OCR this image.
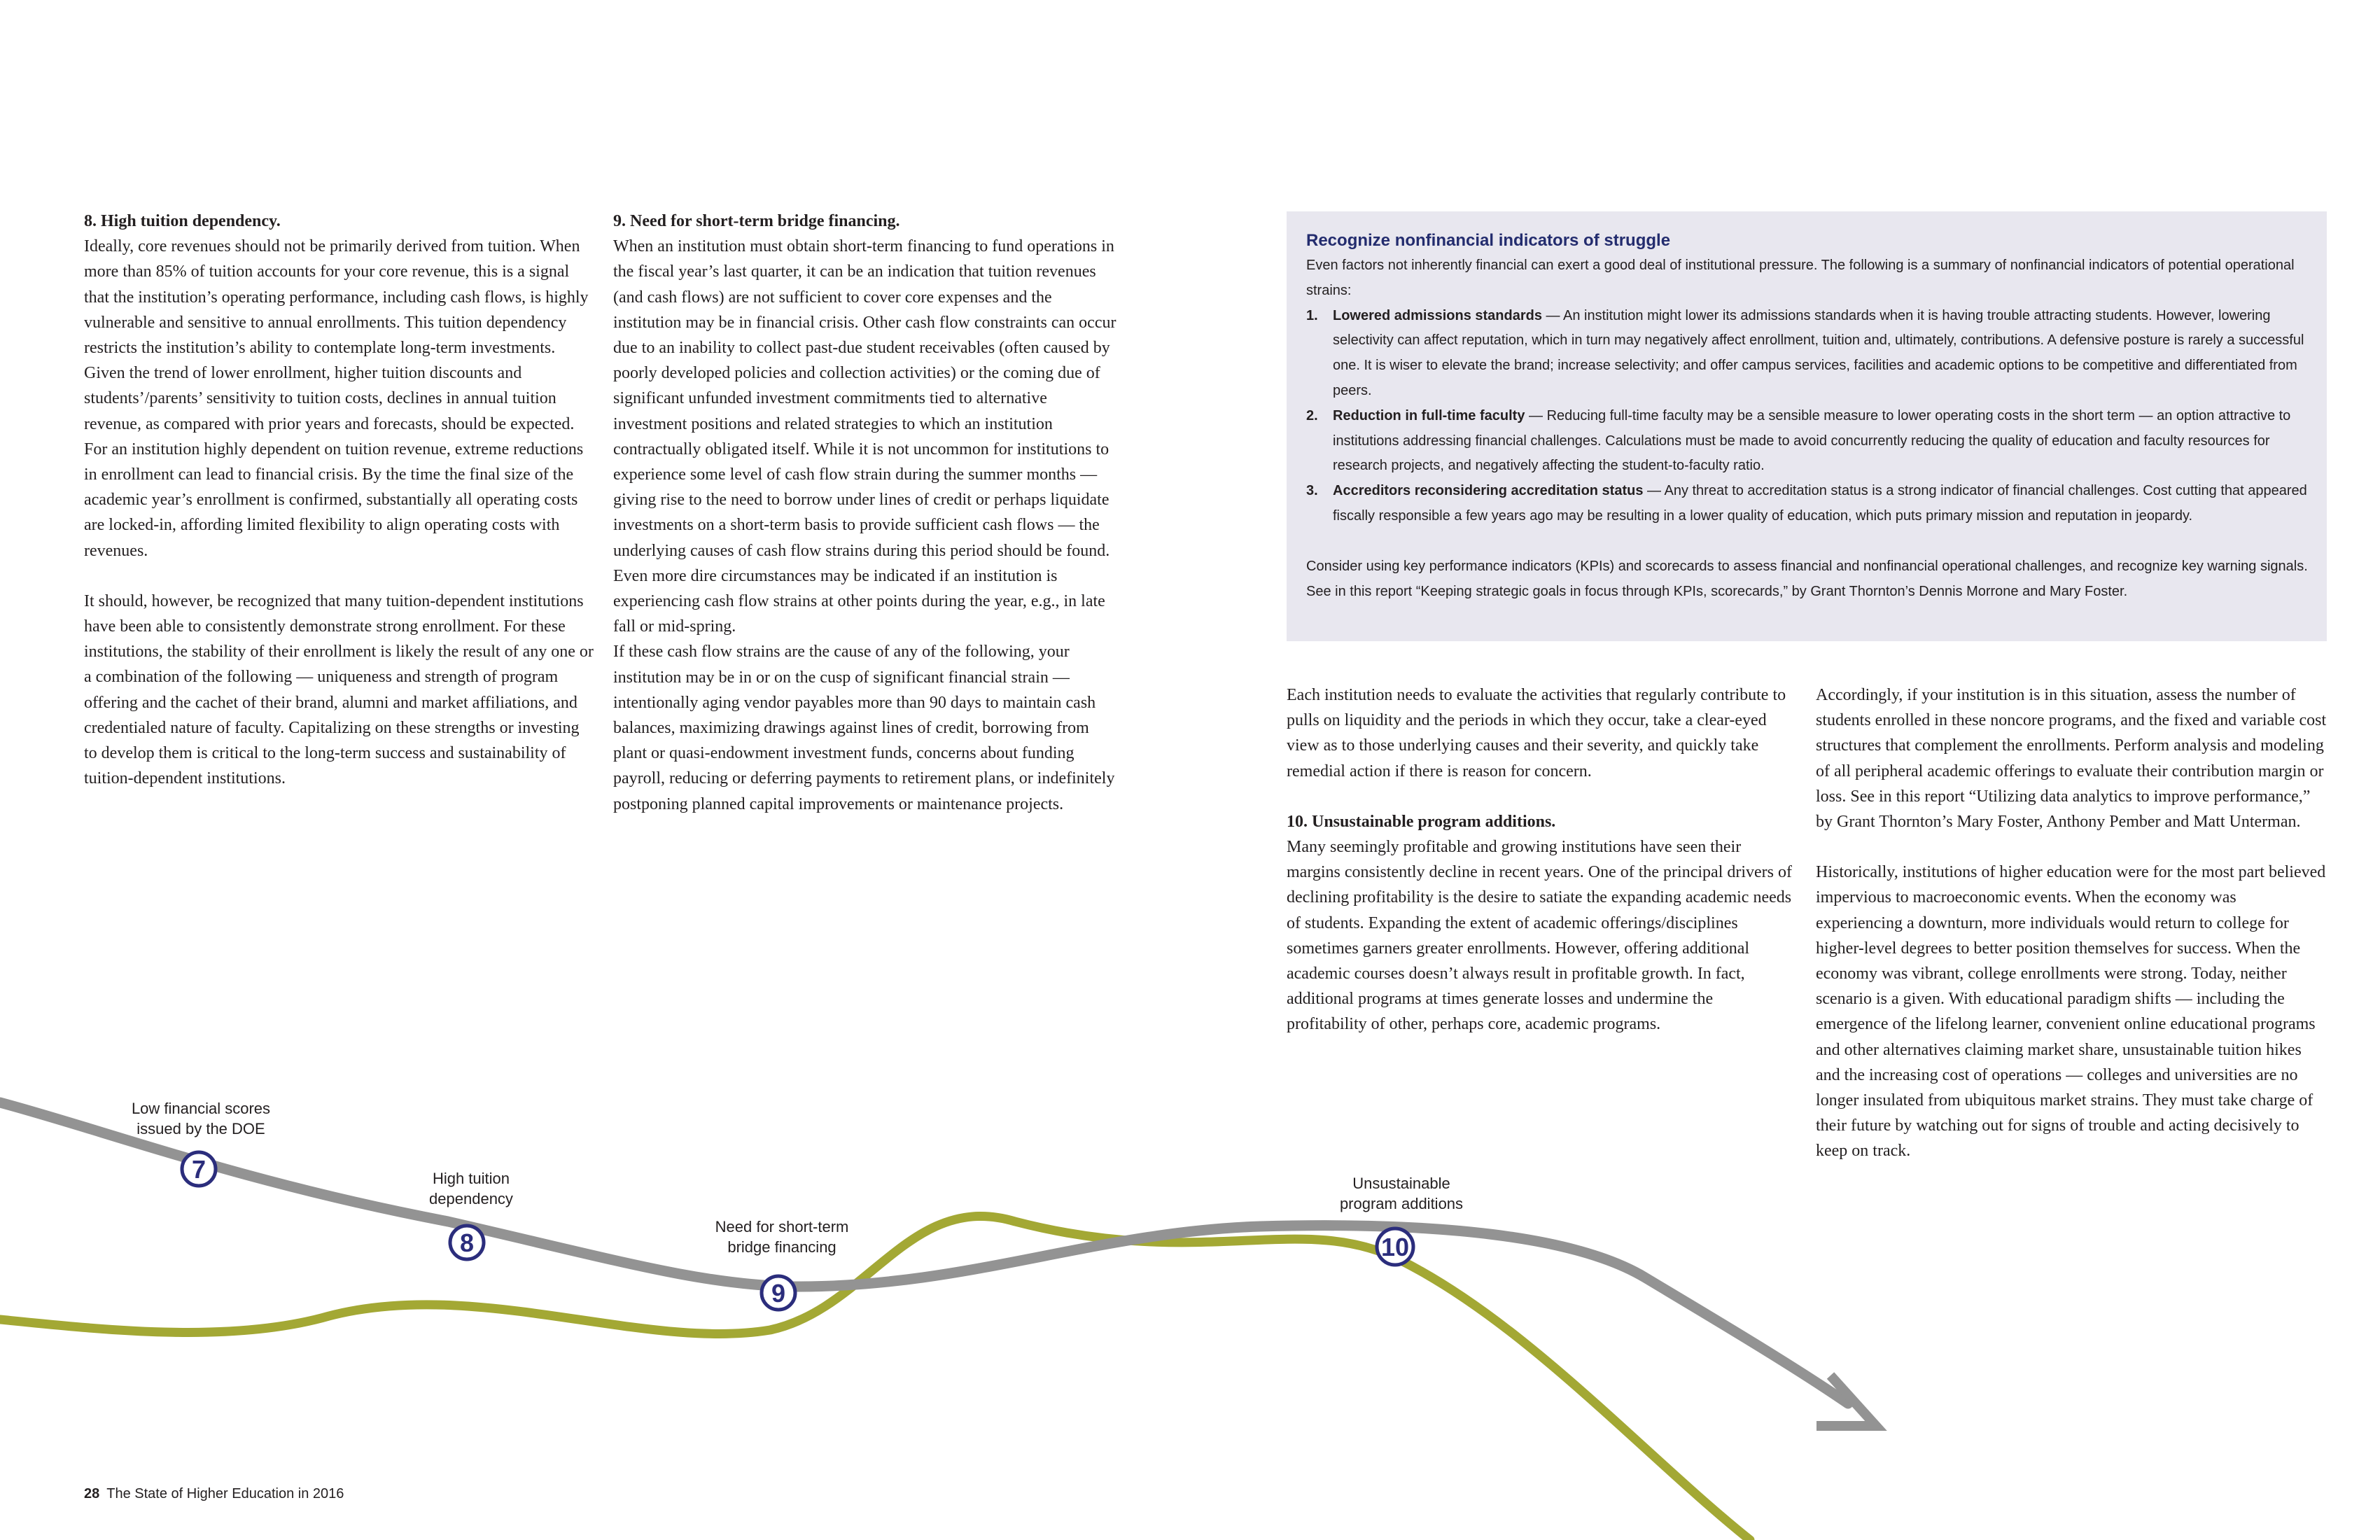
Low financial scores
issued by the DOE
7	High tuition
dependency
8
Need for short-term
bridge financing
9
Unsustainable
program additions
10
8. High tuition dependency.

Ideally, core revenues should not be primarily derived from tuition. When more than 85% of tuition accounts for your core revenue, this is a signal that the institution’s operating performance, including cash flows, is highly vulnerable and sensitive to annual enrollments. This tuition dependency restricts the institution’s ability to contemplate long-term investments. Given the trend of lower enrollment, higher tuition discounts and students’/parents’ sensitivity to tuition costs, declines in annual tuition revenue, as compared with prior years and forecasts, should be expected. For an institution highly dependent on tuition revenue, extreme reductions in enrollment can lead to financial crisis. By the time the final size of the academic year’s enrollment is confirmed, substantially all operating costs are locked-in, affording limited flexibility to align operating costs with revenues.

It should, however, be recognized that many tuition-dependent institutions have been able to consistently demonstrate strong enrollment. For these institutions, the stability of their enrollment is likely the result of any one or a combination of the following — uniqueness and strength of program offering and the cachet of their brand, alumni and market affiliations, and credentialed nature of faculty. Capitalizing on these strengths or investing to develop them is critical to the long-term success and sustainability of tuition-dependent institutions.

9. Need for short-term bridge financing.

When an institution must obtain short-term financing to fund operations in the fiscal year’s last quarter, it can be an indication that tuition revenues (and cash flows) are not sufficient to cover core expenses and the institution may be in financial crisis. Other cash flow constraints can occur due to an inability to collect past-due student receivables (often caused by poorly developed policies and collection activities) or the coming due of significant unfunded investment commitments tied to alternative investment positions and related strategies to which an institution contractually obligated itself. While it is not uncommon for institutions to experience some level of cash flow strain during the summer months — giving rise to the need to borrow under lines of credit or perhaps liquidate investments on a short-term basis to provide sufficient cash flows — the underlying causes of cash flow strains during this period should be found. Even more dire circumstances may be indicated if an institution is experiencing cash flow strains at other points during the year, e.g., in late fall or mid-spring.

If these cash flow strains are the cause of any of the following, your institution may be in or on the cusp of significant financial strain — intentionally aging vendor payables more than 90 days to maintain cash balances, maximizing drawings against lines of credit, borrowing from plant or quasi-endowment investment funds, concerns about funding payroll, reducing or deferring payments to retirement plans, or indefinitely postponing planned capital improvements or maintenance projects.

Recognize nonfinancial indicators of struggle

Even factors not inherently financial can exert a good deal of institutional pressure. The following is a summary of nonfinancial indicators of potential operational strains:

1. Lowered admissions standards — An institution might lower its admissions standards when it is having trouble attracting students. However, lowering selectivity can affect reputation, which in turn may negatively affect enrollment, tuition and, ultimately, contributions. A defensive posture is rarely a successful one. It is wiser to elevate the brand; increase selectivity; and offer campus services, facilities and academic options to be competitive and differentiated from peers.
2. Reduction in full-time faculty — Reducing full-time faculty may be a sensible measure to lower operating costs in the short term — an option attractive to institutions addressing financial challenges. Calculations must be made to avoid concurrently reducing the quality of education and faculty resources for research projects, and negatively affecting the student-to-faculty ratio.
3. Accreditors reconsidering accreditation status — Any threat to accreditation status is a strong indicator of financial challenges. Cost cutting that appeared fiscally responsible a few years ago may be resulting in a lower quality of education, which puts primary mission and reputation in jeopardy.

Consider using key performance indicators (KPIs) and scorecards to assess financial and nonfinancial operational challenges, and recognize key warning signals. See in this report “Keeping strategic goals in focus through KPIs, scorecards,” by Grant Thornton’s Dennis Morrone and Mary Foster.

Each institution needs to evaluate the activities that regularly contribute to pulls on liquidity and the periods in which they occur, take a clear-eyed view as to those underlying causes and their severity, and quickly take remedial action if there is reason for concern.

10. Unsustainable program additions.

Many seemingly profitable and growing institutions have seen their margins consistently decline in recent years. One of the principal drivers of declining profitability is the desire to satiate the expanding academic needs of students. Expanding the extent of academic offerings/disciplines sometimes garners greater enrollments. However, offering additional academic courses doesn’t always result in profitable growth. In fact, additional programs at times generate losses and undermine the profitability of other, perhaps core, academic programs.

Accordingly, if your institution is in this situation, assess the number of students enrolled in these noncore programs, and the fixed and variable cost structures that complement the enrollments. Perform analysis and modeling of all peripheral academic offerings to evaluate their contribution margin or loss. See in this report “Utilizing data analytics to improve performance,” by Grant Thornton’s Mary Foster, Anthony Pember and Matt Unterman.

Historically, institutions of higher education were for the most part believed impervious to macroeconomic events. When the economy was experiencing a downturn, more individuals would return to college for higher-level degrees to better position themselves for success. When the economy was vibrant, college enrollments were strong. Today, neither scenario is a given. With educational paradigm shifts — including the emergence of the lifelong learner, convenient online educational programs and other alternatives claiming market share, unsustainable tuition hikes and the increasing cost of operations — colleges and universities are no longer insulated from ubiquitous market strains. They must take charge of their future by watching out for signs of trouble and acting decisively to keep on track.

28 The State of Higher Education in 2016
